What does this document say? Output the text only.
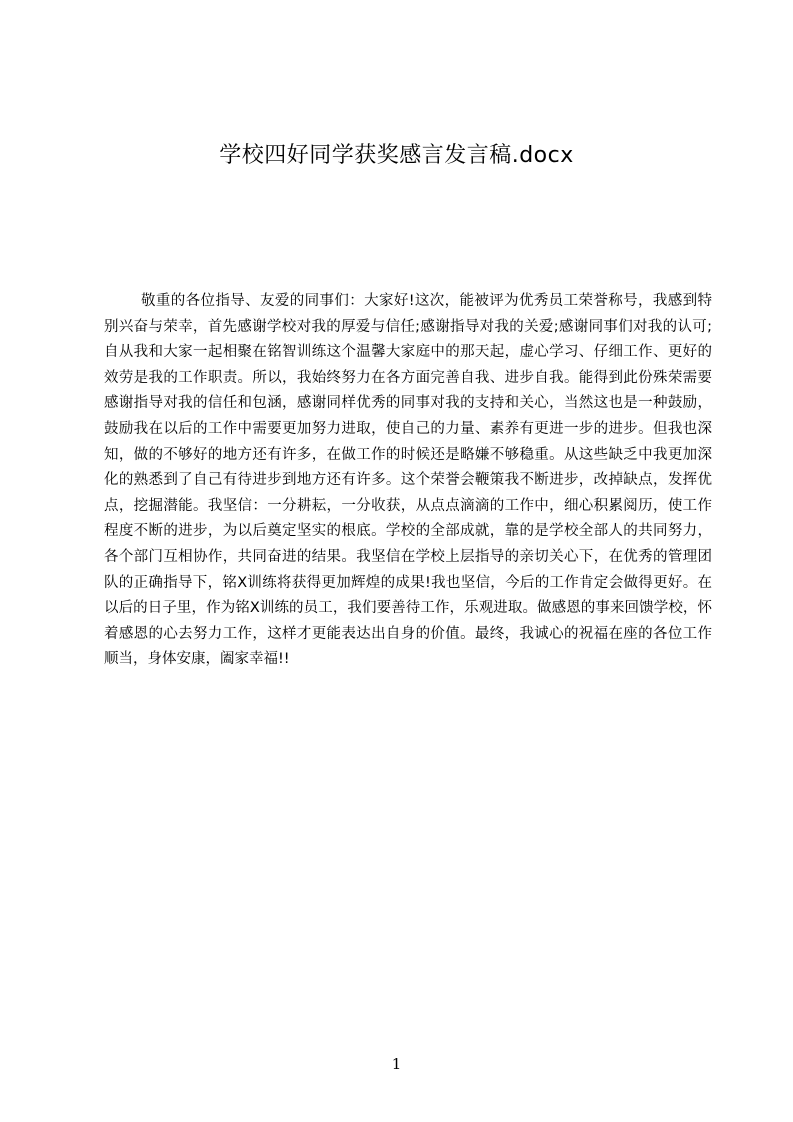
学校四好同学获奖感言发言稿.docx

敬重的各位指导、友爱的同事们：大家好!这次，能被评为优秀员工荣誉称号，我感到特别兴奋与荣幸，首先感谢学校对我的厚爱与信任;感谢指导对我的关爱;感谢同事们对我的认可;自从我和大家一起相聚在铭智训练这个温馨大家庭中的那天起，虚心学习、仔细工作、更好的效劳是我的工作职责。所以，我始终努力在各方面完善自我、进步自我。能得到此份殊荣需要感谢指导对我的信任和包涵，感谢同样优秀的同事对我的支持和关心，当然这也是一种鼓励，鼓励我在以后的工作中需要更加努力进取，使自己的力量、素养有更进一步的进步。但我也深知，做的不够好的地方还有许多，在做工作的时候还是略嫌不够稳重。从这些缺乏中我更加深化的熟悉到了自己有待进步到地方还有许多。这个荣誉会鞭策我不断进步，改掉缺点，发挥优点，挖掘潜能。我坚信：一分耕耘，一分收获，从点点滴滴的工作中，细心积累阅历，使工作程度不断的进步，为以后奠定坚实的根底。学校的全部成就，靠的是学校全部人的共同努力，各个部门互相协作，共同奋进的结果。我坚信在学校上层指导的亲切关心下，在优秀的管理团队的正确指导下，铭X训练将获得更加辉煌的成果!我也坚信，今后的工作肯定会做得更好。在以后的日子里，作为铭X训练的员工，我们要善待工作，乐观进取。做感恩的事来回馈学校，怀着感恩的心去努力工作，这样才更能表达出自身的价值。最终，我诚心的祝福在座的各位工作顺当，身体安康，阖家幸福!!

1
